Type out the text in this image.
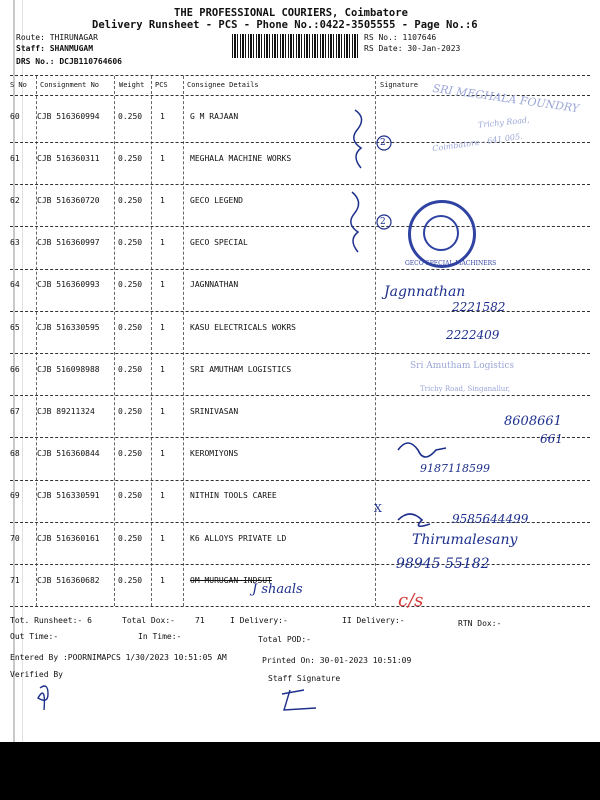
THE PROFESSIONAL COURIERS, Coimbatore
Delivery Runsheet - PCS - Phone No.:0422-3505555 - Page No.:6
Route: THIRUNAGAR
Staff: SHANMUGAM
DRS No.: DCJB110764606
RS No.: 1107646
RS Date: 30-Jan-2023
S No Consignment No	Weight PCS	Consignee Details	Signature
60 CJB 516360994 0.250 1	G M RAJAAN
61 CJB 516360311 0.250 1	MEGHALA MACHINE WORKS
62 CJB 516360720 0.250 1	GECO LEGEND
63 CJB 516360997 0.250 1	GECO SPECIAL
64 CJB 516360993 0.250 1	JAGNNATHAN
65 CJB 516330595 0.250 1	KASU ELECTRICALS WOKRS
66 CJB 516098988 0.250 1	SRI AMUTHAM LOGISTICS
67 CJB 89211324	0.250 1	SRINIVASAN
68 CJB 516360844 0.250 1	KEROMIYONS
69 CJB 516330591 0.250 1	NITHIN TOOLS CAREE
70 CJB 516360161 0.250 1	K6 ALLOYS PRIVATE LD
71 CJB 516360682 0.250 1	OM MURUGAN INDSUT
Tot. Runsheet:- 6	Total Dox:-	71	I Delivery:-	II Delivery:-	RTN Dox:-
Out Time:-	In Time:-	Total POD:-
Entered By :POORNIMAPCS 1/30/2023 10:51:05 AM	Printed On: 30-01-2023 10:51:09
Verified By	Staff Signature
SRI MEGHALA FOUNDRY
Trichy Road,
Coimbatore - 641 005.
2
2
GECO SPECIAL MACHINERS
Jagnnathan
2221582
2222409
Sri Amutham Logistics
Trichy Road, Singanallur,
8608661
661
9187118599
X
9585644499
Thirumalesany
98945 55182
J shaals
c/s
